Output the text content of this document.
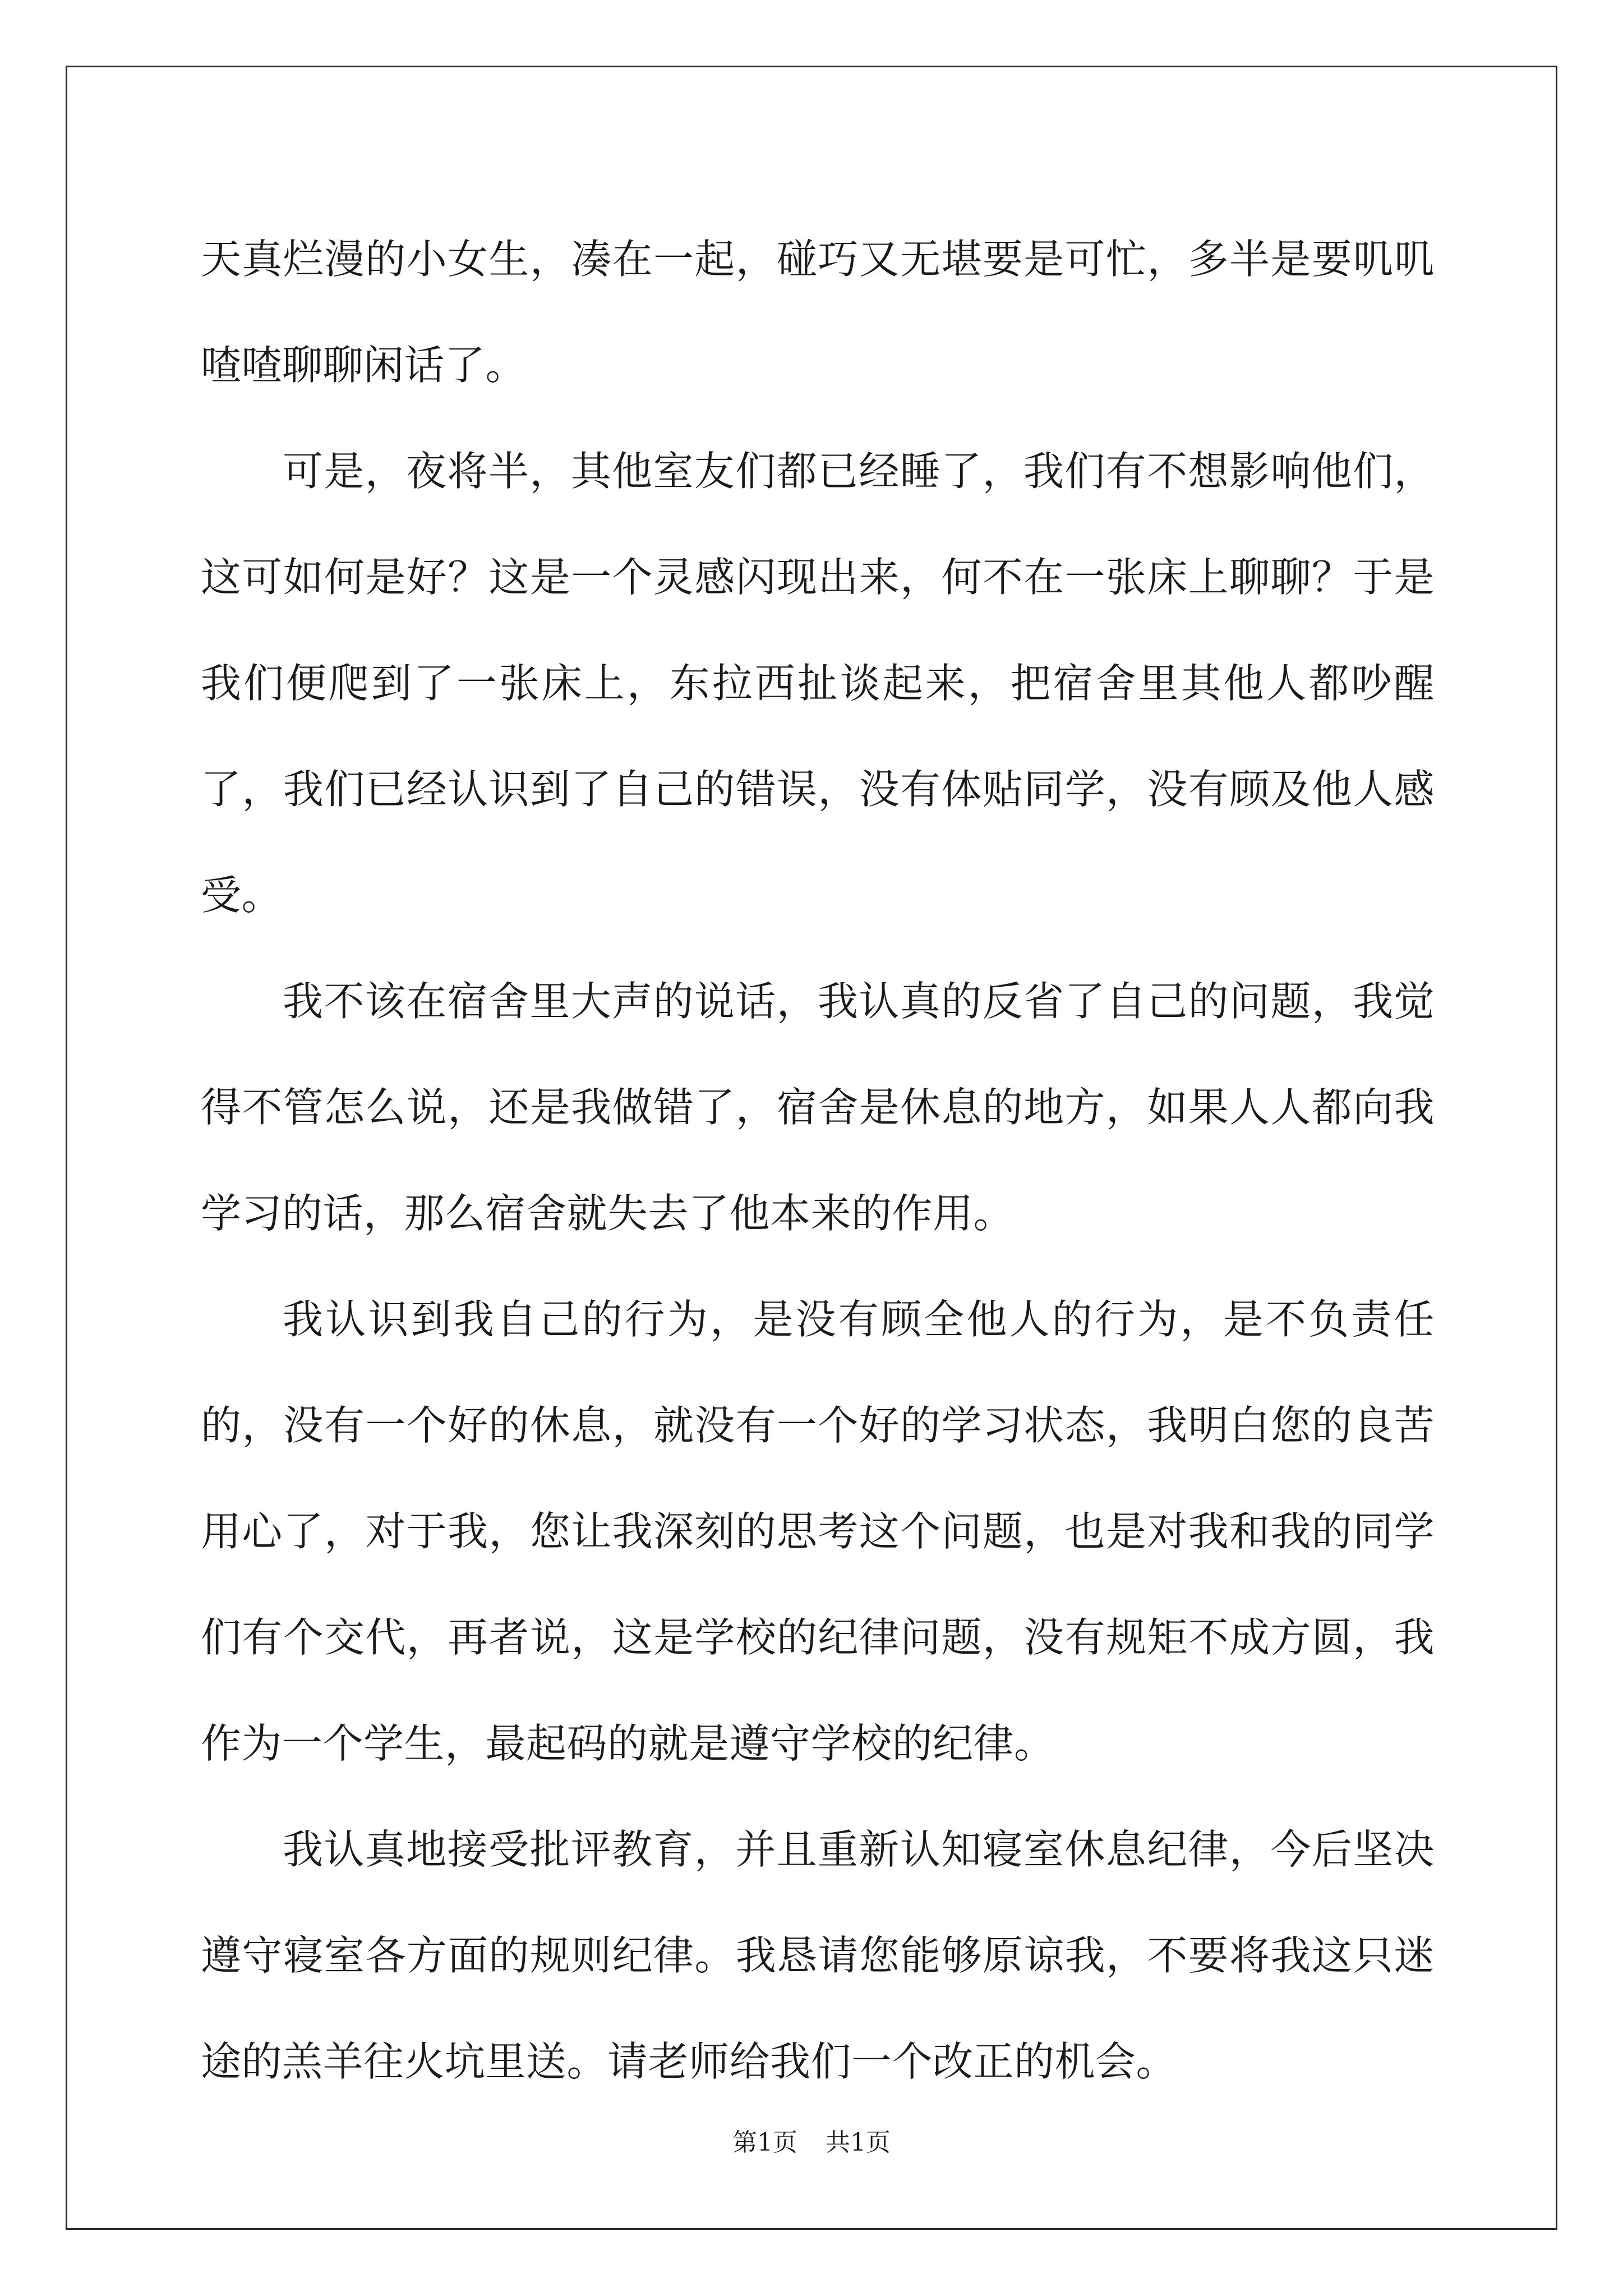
天真烂漫的小女生，凑在一起，碰巧又无堪要是可忙，多半是要叽叽喳喳聊聊闲话了。

可是，夜将半，其他室友们都已经睡了，我们有不想影响他们，这可如何是好？这是一个灵感闪现出来，何不在一张床上聊聊？于是我们便爬到了一张床上，东拉西扯谈起来，把宿舍里其他人都吵醒了，我们已经认识到了自己的错误，没有体贴同学，没有顾及他人感受。

我不该在宿舍里大声的说话，我认真的反省了自己的问题，我觉得不管怎么说，还是我做错了，宿舍是休息的地方，如果人人都向我学习的话，那么宿舍就失去了他本来的作用。

我认识到我自己的行为，是没有顾全他人的行为，是不负责任的，没有一个好的休息，就没有一个好的学习状态，我明白您的良苦用心了，对于我，您让我深刻的思考这个问题，也是对我和我的同学们有个交代，再者说，这是学校的纪律问题，没有规矩不成方圆，我作为一个学生，最起码的就是遵守学校的纪律。

我认真地接受批评教育，并且重新认知寝室休息纪律，今后坚决遵守寝室各方面的规则纪律。我恳请您能够原谅我，不要将我这只迷途的羔羊往火坑里送。请老师给我们一个改正的机会。

第1页 共1页
